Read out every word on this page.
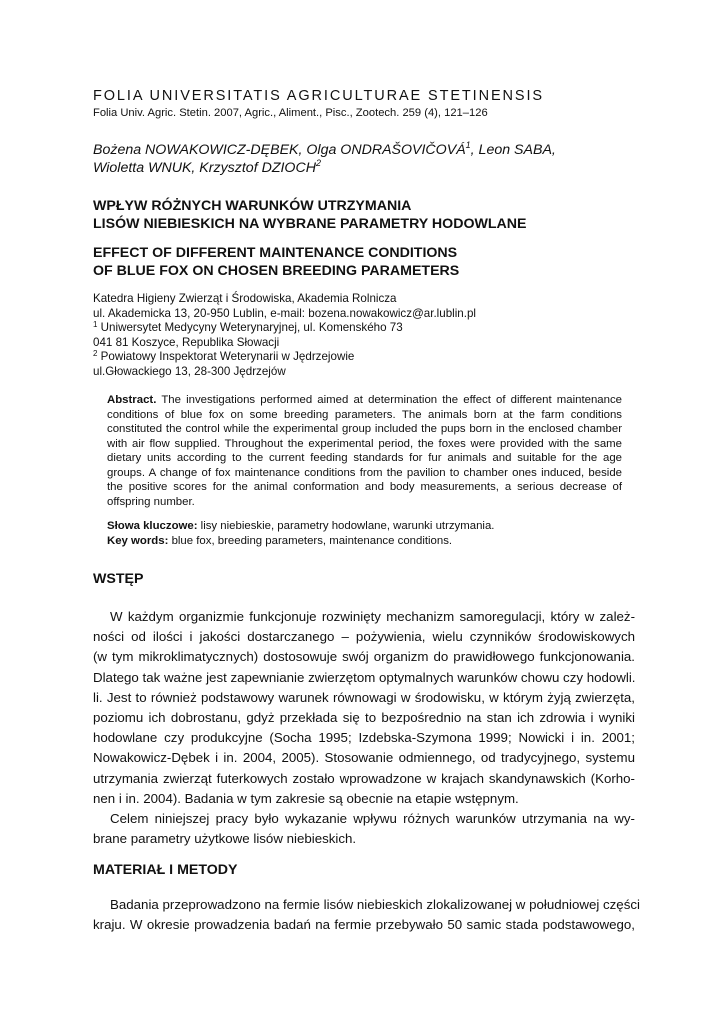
FOLIA UNIVERSITATIS AGRICULTURAE STETINENSIS
Folia Univ. Agric. Stetin. 2007, Agric., Aliment., Pisc., Zootech. 259 (4), 121–126
Bożena NOWAKOWICZ-DĘBEK, Olga ONDRAŠOVIČOVÁ$^1$, Leon SABA,
Wioletta WNUK, Krzysztof DZIOCH$^2$
WPŁYW RÓŻNYCH WARUNKÓW UTRZYMANIA
LISÓW NIEBIESKICH NA WYBRANE PARAMETRY HODOWLANE
EFFECT OF DIFFERENT MAINTENANCE CONDITIONS
OF BLUE FOX ON CHOSEN BREEDING PARAMETERS
Katedra Higieny Zwierząt i Środowiska, Akademia Rolnicza
ul. Akademicka 13, 20-950 Lublin, e-mail: bozena.nowakowicz@ar.lublin.pl
$^1$ Uniwersytet Medycyny Weterynaryjnej, ul. Komenského 73
041 81 Koszyce, Republika Słowacji
$^2$ Powiatowy Inspektorat Weterynarii w Jędrzejowie
ul.Głowackiego 13, 28-300 Jędrzejów
Abstract. The investigations performed aimed at determination the effect of different maintenance conditions of blue fox on some breeding parameters. The animals born at the farm conditions constituted the control while the experimental group included the pups born in the enclosed chamber with air flow supplied. Throughout the experimental period, the foxes were provided with the same dietary units according to the current feeding standards for fur animals and suitable for the age groups. A change of fox maintenance conditions from the pavilion to chamber ones induced, beside the positive scores for the animal conformation and body measurements, a serious decrease of offspring number.
Słowa kluczowe: lisy niebieskie, parametry hodowlane, warunki utrzymania.
Key words: blue fox, breeding parameters, maintenance conditions.
WSTĘP
W każdym organizmie funkcjonuje rozwinięty mechanizm samoregulacji, który w zależ-
ności od ilości i jakości dostarczanego – pożywienia, wielu czynników środowiskowych
(w tym mikroklimatycznych) dostosowuje swój organizm do prawidłowego funkcjonowania.
Dlatego tak ważne jest zapewnianie zwierzętom optymalnych warunków chowu czy hodowli.
li. Jest to również podstawowy warunek równowagi w środowisku, w którym żyją zwierzęta,
poziomu ich dobrostanu, gdyż przekłada się to bezpośrednio na stan ich zdrowia i wyniki
hodowlane czy produkcyjne (Socha 1995; Izdebska-Szymona 1999; Nowicki i in. 2001;
Nowakowicz-Dębek i in. 2004, 2005). Stosowanie odmiennego, od tradycyjnego, systemu
utrzymania zwierząt futerkowych zostało wprowadzone w krajach skandynawskich (Korho-
nen i in. 2004). Badania w tym zakresie są obecnie na etapie wstępnym.
Celem niniejszej pracy było wykazanie wpływu różnych warunków utrzymania na wy-
brane parametry użytkowe lisów niebieskich.
MATERIAŁ I METODY
Badania przeprowadzono na fermie lisów niebieskich zlokalizowanej w południowej części
kraju. W okresie prowadzenia badań na fermie przebywało 50 samic stada podstawowego,
